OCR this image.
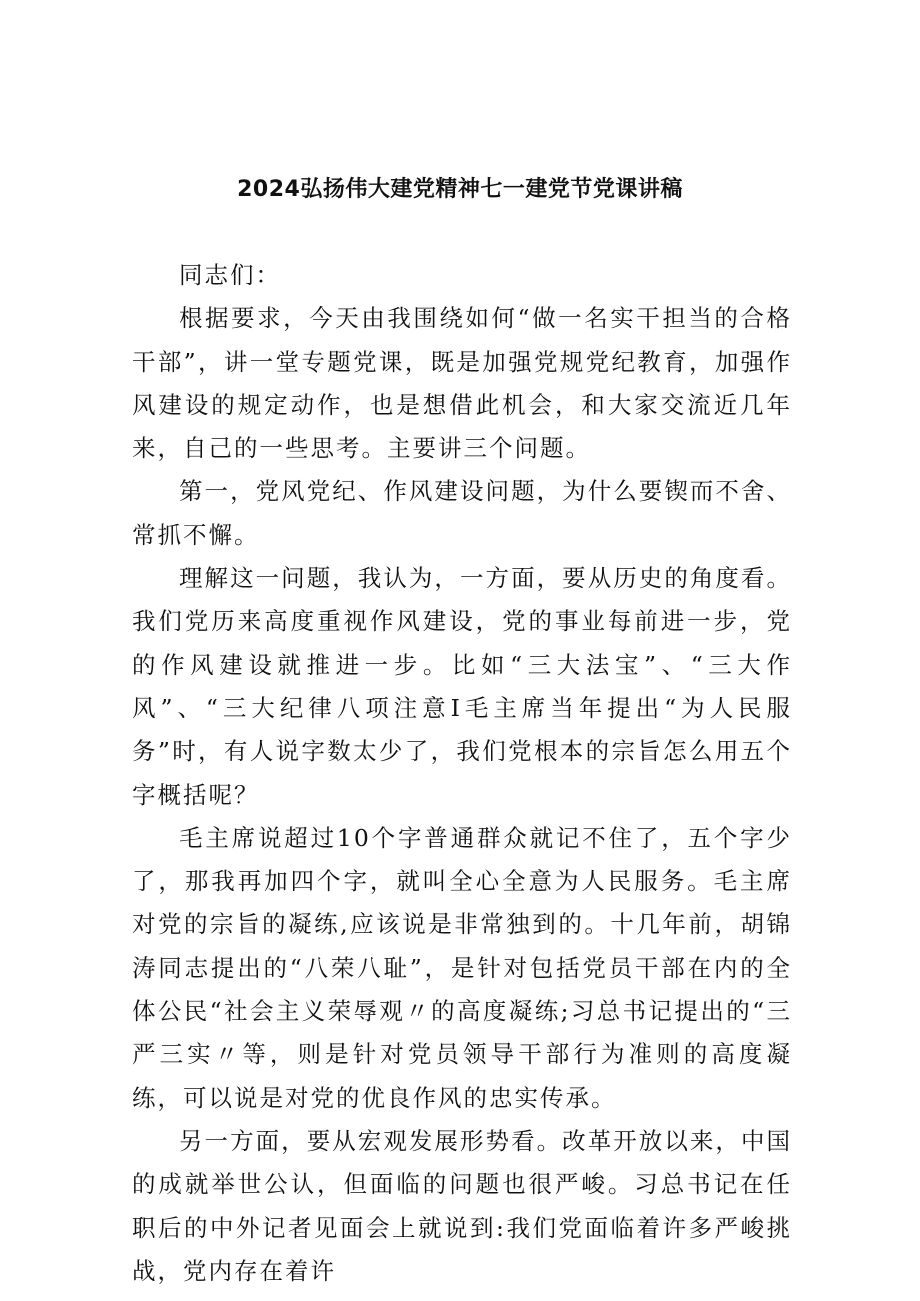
2024弘扬伟大建党精神七一建党节党课讲稿

同志们：

根据要求，今天由我围绕如何“做一名实干担当的合格干部”，讲一堂专题党课，既是加强党规党纪教育，加强作风建设的规定动作，也是想借此机会，和大家交流近几年来，自己的一些思考。主要讲三个问题。

第一，党风党纪、作风建设问题，为什么要锲而不舍、常抓不懈。

理解这一问题，我认为，一方面，要从历史的角度看。我们党历来高度重视作风建设，党的事业每前进一步，党的作风建设就推进一步。比如“三大法宝”、“三大作风”、“三大纪律八项注意I毛主席当年提出“为人民服务”时，有人说字数太少了，我们党根本的宗旨怎么用五个字概括呢？

毛主席说超过10个字普通群众就记不住了，五个字少了，那我再加四个字，就叫全心全意为人民服务。毛主席对党的宗旨的凝练,应该说是非常独到的。十几年前，胡锦涛同志提出的“八荣八耻”，是针对包括党员干部在内的全体公民“社会主义荣辱观〃的高度凝练;习总书记提出的“三严三实〃等，则是针对党员领导干部行为准则的高度凝练，可以说是对党的优良作风的忠实传承。

另一方面，要从宏观发展形势看。改革开放以来，中国的成就举世公认，但面临的问题也很严峻。习总书记在任职后的中外记者见面会上就说到:我们党面临着许多严峻挑战，党内存在着许
